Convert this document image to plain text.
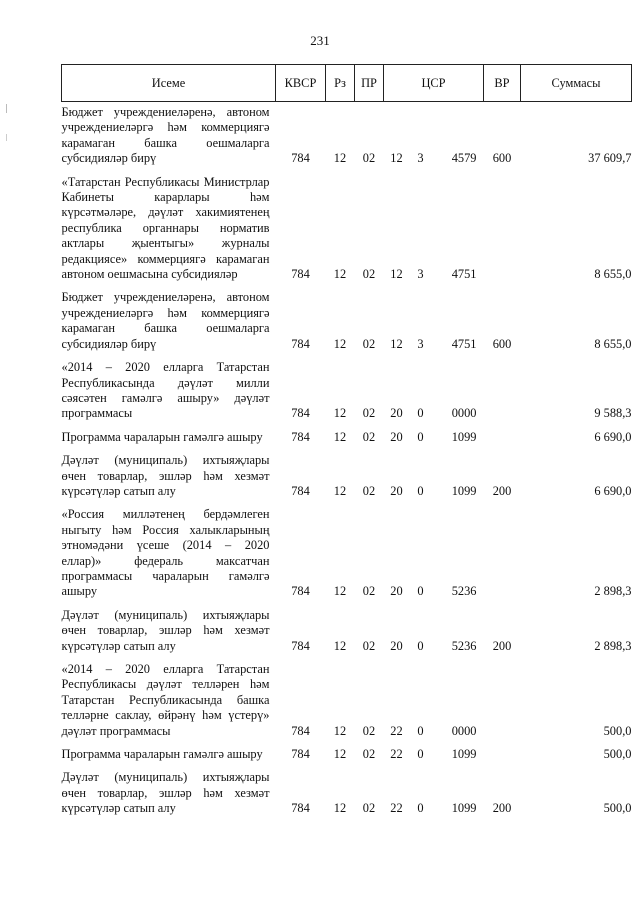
231
Исеме	КВСР	Рз	ПР	ЦСР	ВР	Суммасы
Бюджет учреждениеләренә, автоном учреждениеләргә һәм коммерциягә карамаган башка оешмаларга субсидияләр бирү	784	12	02	12 3 4579	600	37 609,7
«Татарстан Республикасы Министрлар Кабинеты карарлары һәм күрсәтмәләре, дәүләт хакимиятенең республика органнары норматив актлары җыентыгы» журналы редакциясе» коммерциягә карамаган автоном оешмасына субсидияләр	784	12	02	12 3 4751		8 655,0
Бюджет учреждениеләренә, автоном учреждениеләргә һәм коммерциягә карамаган башка оешмаларга субсидияләр бирү	784	12	02	12 3 4751	600	8 655,0
«2014 – 2020 елларга Татарстан Республикасында дәүләт милли сәясәтен гамәлгә ашыру» дәүләт программасы	784	12	02	20 0 0000		9 588,3
Программа чараларын гамәлгә ашыру	784	12	02	20 0 1099		6 690,0
Дәүләт (муниципаль) ихтыяҗлары өчен товарлар, эшләр һәм хезмәт күрсәтүләр сатып алу	784	12	02	20 0 1099	200	6 690,0
«Россия милләтенең бердәмлеген ныгыту һәм Россия халыкларының этномәдәни үсеше (2014 – 2020 еллар)» федераль максатчан программасы чараларын гамәлгә ашыру	784	12	02	20 0 5236		2 898,3
Дәүләт (муниципаль) ихтыяҗлары өчен товарлар, эшләр һәм хезмәт күрсәтүләр сатып алу	784	12	02	20 0 5236	200	2 898,3
«2014 – 2020 елларга Татарстан Республикасы дәүләт телләрен һәм Татарстан Республикасында башка телләрне саклау, өйрәнү һәм үстерү» дәүләт программасы	784	12	02	22 0 0000		500,0
Программа чараларын гамәлгә ашыру	784	12	02	22 0 1099		500,0
Дәүләт (муниципаль) ихтыяҗлары өчен товарлар, эшләр һәм хезмәт күрсәтүләр сатып алу	784	12	02	22 0 1099	200	500,0
